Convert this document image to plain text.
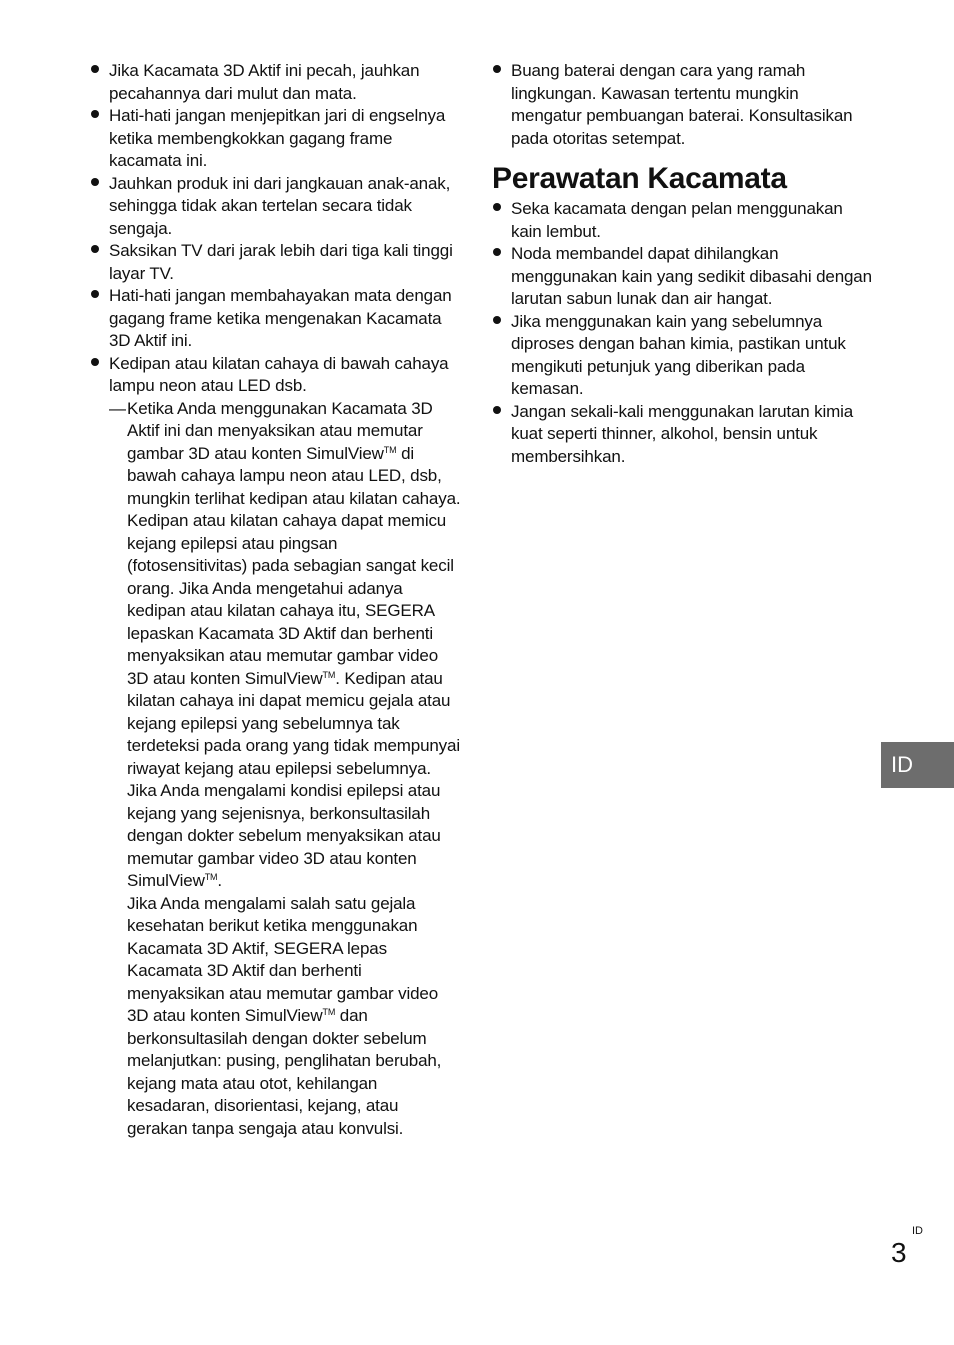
Jika Kacamata 3D Aktif ini pecah, jauhkan pecahannya dari mulut dan mata.
Hati-hati jangan menjepitkan jari di engselnya ketika membengkokkan gagang frame kacamata ini.
Jauhkan produk ini dari jangkauan anak-anak, sehingga tidak akan tertelan secara tidak sengaja.
Saksikan TV dari jarak lebih dari tiga kali tinggi layar TV.
Hati-hati jangan membahayakan mata dengan gagang frame ketika mengenakan Kacamata 3D Aktif ini.
Kedipan atau kilatan cahaya di bawah cahaya lampu neon atau LED dsb.
— Ketika Anda menggunakan Kacamata 3D Aktif ini dan menyaksikan atau memutar gambar 3D atau konten SimulView™ di bawah cahaya lampu neon atau LED, dsb, mungkin terlihat kedipan atau kilatan cahaya. Kedipan atau kilatan cahaya dapat memicu kejang epilepsi atau pingsan (fotosensitivitas) pada sebagian sangat kecil orang. Jika Anda mengetahui adanya kedipan atau kilatan cahaya itu, SEGERA lepaskan Kacamata 3D Aktif dan berhenti menyaksikan atau memutar gambar video 3D atau konten SimulView™. Kedipan atau kilatan cahaya ini dapat memicu gejala atau kejang epilepsi yang sebelumnya tak terdeteksi pada orang yang tidak mempunyai riwayat kejang atau epilepsi sebelumnya.

Jika Anda mengalami kondisi epilepsi atau kejang yang sejenisnya, berkonsultasilah dengan dokter sebelum menyaksikan atau memutar gambar video 3D atau konten SimulView™.

Jika Anda mengalami salah satu gejala kesehatan berikut ketika menggunakan Kacamata 3D Aktif, SEGERA lepas Kacamata 3D Aktif dan berhenti menyaksikan atau memutar gambar video 3D atau konten SimulView™ dan berkonsultasilah dengan dokter sebelum melanjutkan: pusing, penglihatan berubah, kejang mata atau otot, kehilangan kesadaran, disorientasi, kejang, atau gerakan tanpa sengaja atau konvulsi.

Buang baterai dengan cara yang ramah lingkungan. Kawasan tertentu mungkin mengatur pembuangan baterai. Konsultasikan pada otoritas setempat.
Perawatan Kacamata
Seka kacamata dengan pelan menggunakan kain lembut.
Noda membandel dapat dihilangkan menggunakan kain yang sedikit dibasahi dengan larutan sabun lunak dan air hangat.
Jika menggunakan kain yang sebelumnya diproses dengan bahan kimia, pastikan untuk mengikuti petunjuk yang diberikan pada kemasan.
Jangan sekali-kali menggunakan larutan kimia kuat seperti thinner, alkohol, bensin untuk membersihkan.
ID
ID
3
